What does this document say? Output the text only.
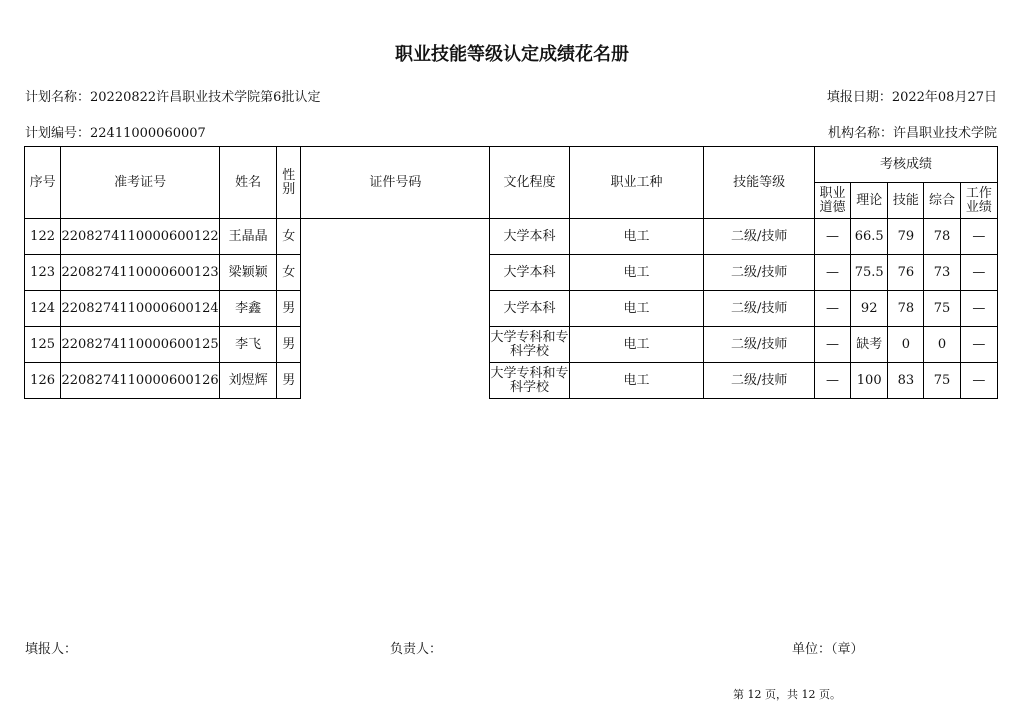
职业技能等级认定成绩花名册
计划名称：20220822许昌职业技术学院第6批认定	填报日期：2022年08月27日
计划编号：22411000060007	机构名称：许昌职业技术学院
序号	准考证号	姓名	性别	证件号码	文化程度	职业工种	技能等级	考核成绩				
								职业道德	理论	技能	综合	工作业绩
122	2208274110000600122	王晶晶	女		大学本科	电工	二级/技师	—	66.5	79	78	—
123	2208274110000600123	梁颖颖	女		大学本科	电工	二级/技师	—	75.5	76	73	—
124	2208274110000600124	李鑫	男		大学本科	电工	二级/技师	—	92	78	75	—
125	2208274110000600125	李飞	男		大学专科和专科学校	电工	二级/技师	—	缺考	0	0	—
126	2208274110000600126	刘煜辉	男		大学专科和专科学校	电工	二级/技师	—	100	83	75	—
填报人：	负责人：	单位：（章）
第 12 页，共 12 页。
